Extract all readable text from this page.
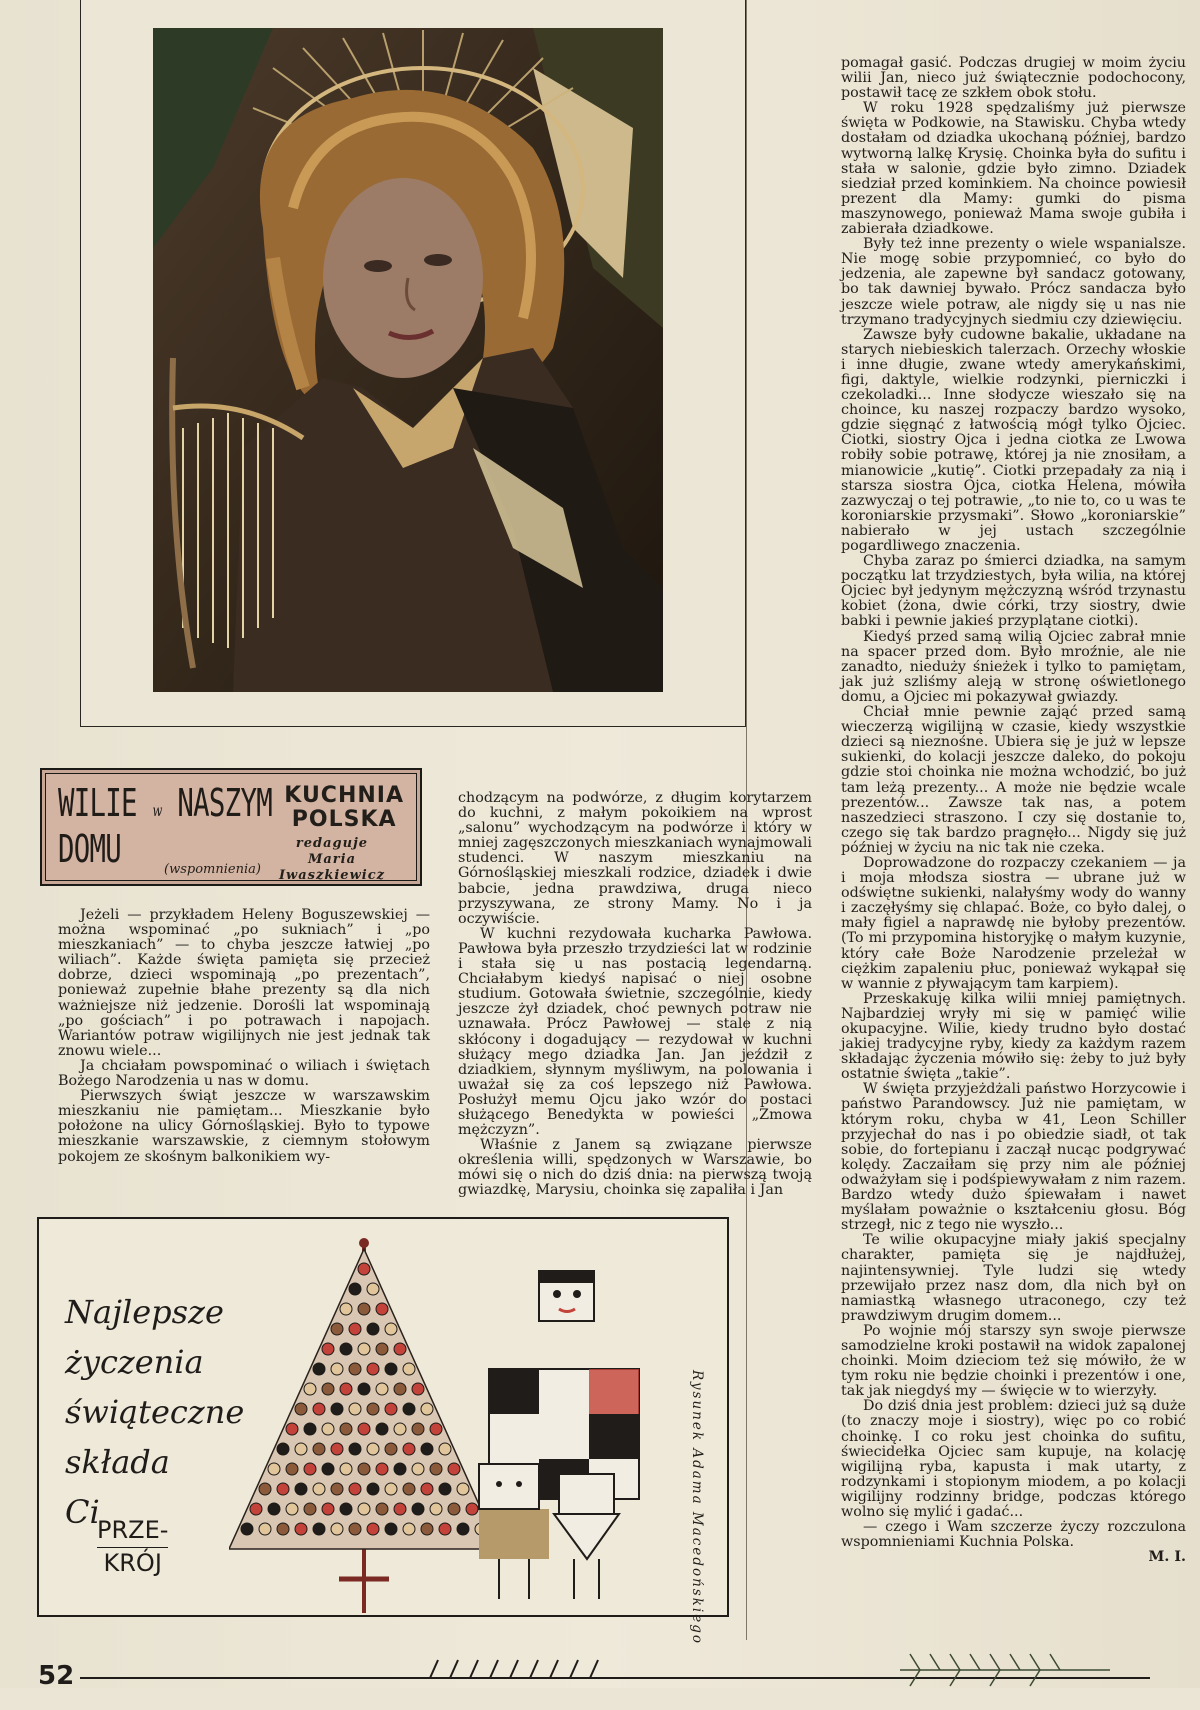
WILIE w NASZYM
DOMU	(wspomnienia)
KUCHNIA
POLSKA
redaguje
Maria
Iwaszkiewicz

Jeżeli — przykładem Heleny Boguszewskiej — można wspominać „po sukniach” i „po mieszkaniach” — to chyba jeszcze łatwiej „po wiliach”. Każde święta pamięta się przecież dobrze, dzieci wspominają „po prezentach”, ponieważ zupełnie błahe prezenty są dla nich ważniejsze niż jedzenie. Dorośli lat wspominają „po gościach” i po potrawach i napojach. Wariantów potraw wigilijnych nie jest jednak tak znowu wiele...

Ja chciałam powspominać o wiliach i świętach Bożego Narodzenia u nas w domu.

Pierwszych świąt jeszcze w warszawskim mieszkaniu nie pamiętam... Mieszkanie było położone na ulicy Górnośląskiej. Było to typowe mieszkanie warszawskie, z ciemnym stołowym pokojem ze skośnym balkonikiem wy-

chodzącym na podwórze, z długim korytarzem do kuchni, z małym pokoikiem na wprost „salonu” wychodzącym na podwórze i który w mniej zagęszczonych mieszkaniach wynajmowali studenci. W naszym mieszkaniu na Górnośląskiej mieszkali rodzice, dziadek i dwie babcie, jedna prawdziwa, druga nieco przyszywana, ze strony Mamy. No i ja oczywiście.

W kuchni rezydowała kucharka Pawłowa. Pawłowa była przeszło trzydzieści lat w rodzinie i stała się u nas postacią legendarną. Chciałabym kiedyś napisać o niej osobne studium. Gotowała świetnie, szczególnie, kiedy jeszcze żył dziadek, choć pewnych potraw nie uznawała. Prócz Pawłowej — stale z nią skłócony i dogadujący — rezydował w kuchni służący mego dziadka Jan. Jan jeździł z dziadkiem, słynnym myśliwym, na polowania i uważał się za coś lepszego niż Pawłowa. Posłużył memu Ojcu jako wzór do postaci służącego Benedykta w powieści „Zmowa mężczyzn”.

Właśnie z Janem są związane pierwsze określenia willi, spędzonych w Warszawie, bo mówi się o nich do dziś dnia: na pierwszą twoją gwiazdkę, Marysiu, choinka się zapaliła i Jan

pomagał gasić. Podczas drugiej w moim życiu wilii Jan, nieco już świątecznie podochocony, postawił tacę ze szkłem obok stołu.

W roku 1928 spędzaliśmy już pierwsze święta w Podkowie, na Stawisku. Chyba wtedy dostałam od dziadka ukochaną później, bardzo wytworną lalkę Krysię. Choinka była do sufitu i stała w salonie, gdzie było zimno. Dziadek siedział przed kominkiem. Na choince powiesił prezent dla Mamy: gumki do pisma maszynowego, ponieważ Mama swoje gubiła i zabierała dziadkowe.

Były też inne prezenty o wiele wspanialsze. Nie mogę sobie przypomnieć, co było do jedzenia, ale zapewne był sandacz gotowany, bo tak dawniej bywało. Prócz sandacza było jeszcze wiele potraw, ale nigdy się u nas nie trzymano tradycyjnych siedmiu czy dziewięciu.

Zawsze były cudowne bakalie, układane na starych niebieskich talerzach. Orzechy włoskie i inne długie, zwane wtedy amerykańskimi, figi, daktyle, wielkie rodzynki, pierniczki i czekoladki... Inne słodycze wieszało się na choince, ku naszej rozpaczy bardzo wysoko, gdzie sięgnąć z łatwością mógł tylko Ojciec. Ciotki, siostry Ojca i jedna ciotka ze Lwowa robiły sobie potrawę, której ja nie znosiłam, a mianowicie „kutię”. Ciotki przepadały za nią i starsza siostra Ojca, ciotka Helena, mówiła zazwyczaj o tej potrawie, „to nie to, co u was te koroniarskie przysmaki”. Słowo „koroniarskie” nabierało w jej ustach szczególnie pogardliwego znaczenia.

Chyba zaraz po śmierci dziadka, na samym początku lat trzydziestych, była wilia, na której Ojciec był jedynym mężczyzną wśród trzynastu kobiet (żona, dwie córki, trzy siostry, dwie babki i pewnie jakieś przyplątane ciotki).

Kiedyś przed samą wilią Ojciec zabrał mnie na spacer przed dom. Było mroźnie, ale nie zanadto, nieduży śnieżek i tylko to pamiętam, jak już szliśmy aleją w stronę oświetlonego domu, a Ojciec mi pokazywał gwiazdy.

Chciał mnie pewnie zająć przed samą wieczerzą wigilijną w czasie, kiedy wszystkie dzieci są nieznośne. Ubiera się je już w lepsze sukienki, do kolacji jeszcze daleko, do pokoju gdzie stoi choinka nie można wchodzić, bo już tam leżą prezenty... A może nie będzie wcale prezentów... Zawsze tak nas, a potem naszedzieci straszono. I czy się dostanie to, czego się tak bardzo pragnęło... Nigdy się już później w życiu na nic tak nie czeka.

Doprowadzone do rozpaczy czekaniem — ja i moja młodsza siostra — ubrane już w odświętne sukienki, nalałyśmy wody do wanny i zaczęłyśmy się chlapać. Boże, co było dalej, o mały figiel a naprawdę nie byłoby prezentów. (To mi przypomina historyjkę o małym kuzynie, który całe Boże Narodzenie przeleżał w ciężkim zapaleniu płuc, ponieważ wykąpał się w wannie z pływającym tam karpiem).

Przeskakuję kilka wilii mniej pamiętnych. Najbardziej wryły mi się w pamięć wilie okupacyjne. Wilie, kiedy trudno było dostać jakiej tradycyjne ryby, kiedy za każdym razem składając życzenia mówiło się: żeby to już były ostatnie święta „takie”.

W święta przyjeżdżali państwo Horzycowie i państwo Parandowscy. Już nie pamiętam, w którym roku, chyba w 41, Leon Schiller przyjechał do nas i po obiedzie siadł, ot tak sobie, do fortepianu i zaczął nucąc podgrywać kolędy. Zaczaiłam się przy nim ale później odważyłam się i podśpiewywałam z nim razem. Bardzo wtedy dużo śpiewałam i nawet myślałam poważnie o kształceniu głosu. Bóg strzegł, nic z tego nie wyszło...

Te wilie okupacyjne miały jakiś specjalny charakter, pamięta się je najdłużej, najintensywniej. Tyle ludzi się wtedy przewijało przez nasz dom, dla nich był on namiastką własnego utraconego, czy też prawdziwym drugim domem...

Po wojnie mój starszy syn swoje pierwsze samodzielne kroki postawił na widok zapalonej choinki. Moim dzieciom też się mówiło, że w tym roku nie będzie choinki i prezentów i one, tak jak niegdyś my — święcie w to wierzyły.

Do dziś dnia jest problem: dzieci już są duże (to znaczy moje i siostry), więc po co robić choinkę. I co roku jest choinka do sufitu, świecidełka Ojciec sam kupuje, na kolację wigilijną ryba, kapusta i mak utarty, z rodzynkami i stopionym miodem, a po kolacji wigilijny rodzinny bridge, podczas którego wolno się mylić i gadać...

— czego i Wam szczerze życzy rozczulona wspomnieniami Kuchnia Polska.

M. I.
Najlepsze
życzenia
świąteczne
składa
Ci
PRZE-
KRÓJ	Rysunek Adama Macedońskiego
52
